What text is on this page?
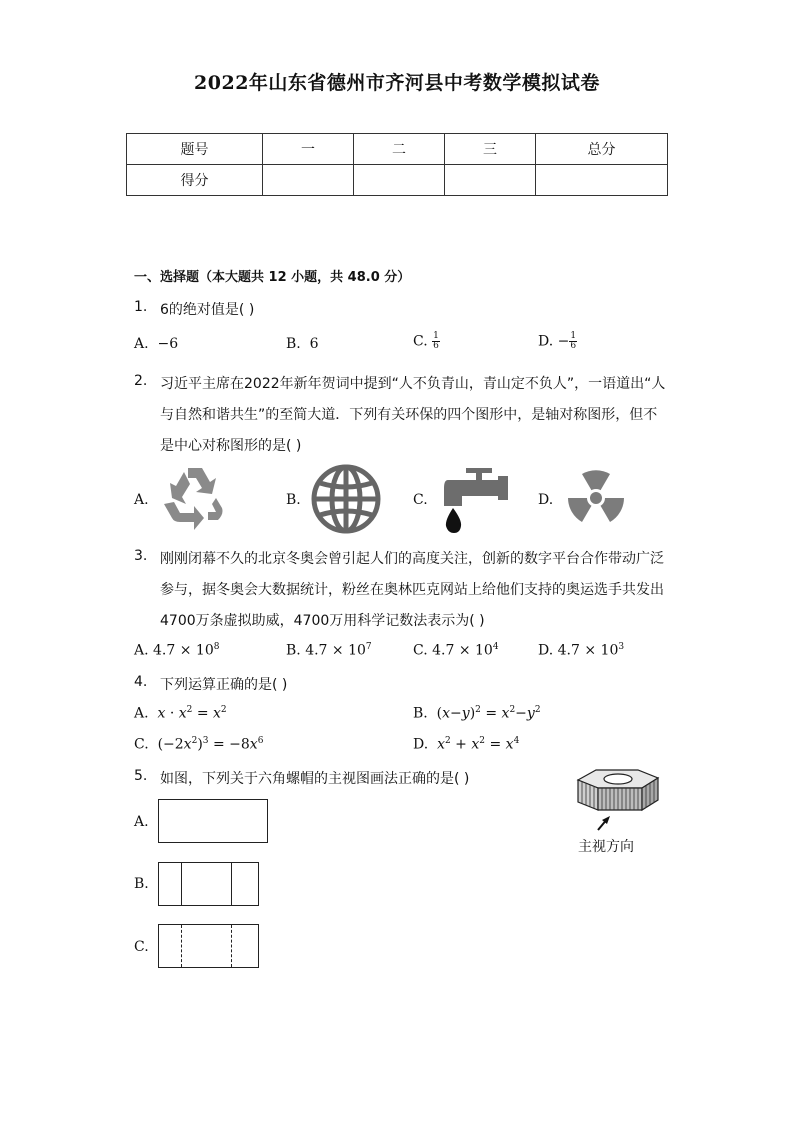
2022年山东省德州市齐河县中考数学模拟试卷
题号	一	二	三	总分
得分				
一、选择题（本大题共 12 小题，共 48.0 分）
1. 6的绝对值是( )
A. −6	B. 6	C. $\frac{1}{6}$	D. − $\frac{1}{6}$
2. 习近平主席在2022年新年贺词中提到“人不负青山，青山定不负人”，一语道出“人
与自然和谐共生”的至简大道．下列有关环保的四个图形中，是轴对称图形，但不
是中心对称图形的是( )
A.	B.	C.	D.
3. 刚刚闭幕不久的北京冬奥会曾引起人们的高度关注，创新的数字平台合作带动广泛
参与，据冬奥会大数据统计，粉丝在奥林匹克网站上给他们支持的奥运选手共发出
4700万条虚拟助威，4700万用科学记数法表示为( )
A. $4.7 \times 10^8$	B. $4.7 \times 10^7$	C. $4.7 \times 10^4$	D. $4.7 \times 10^3$
4. 下列运算正确的是( )
A. $x \cdot x^2 = x^2$	B.  $(x-y)^2 = x^2-y^2$
C.  $(-2x^2)^3 = -8x^6$	D. $x^2 + x^2 = x^4$
5. 如图，下列关于六角螺帽的主视图画法正确的是( )
主视方向
A.
B.
C.
